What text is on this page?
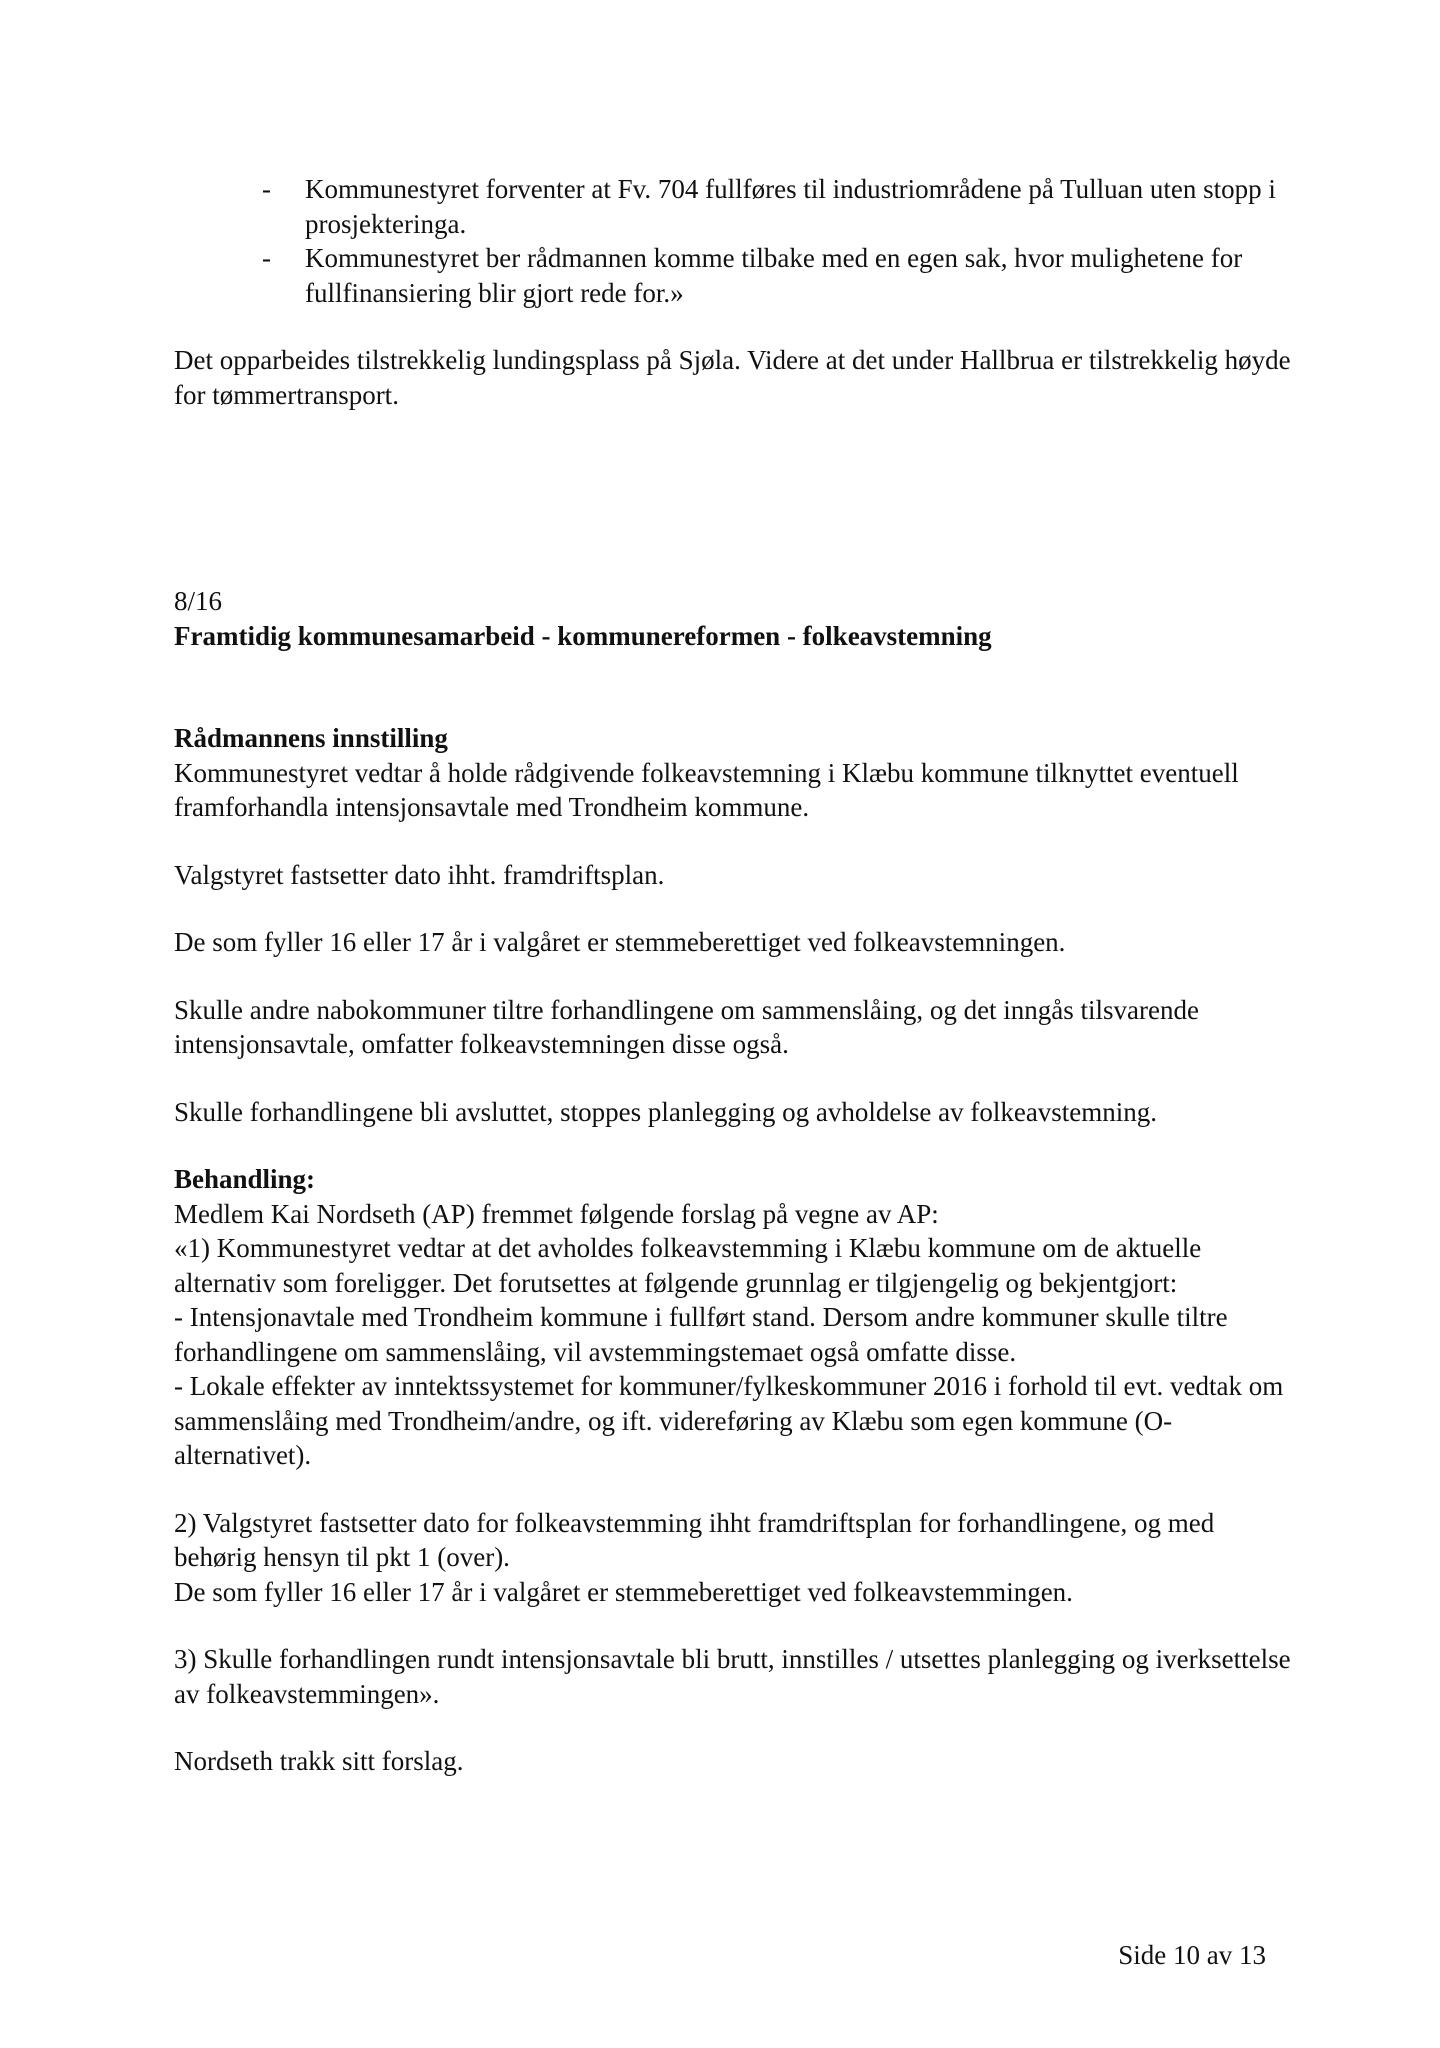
- Kommunestyret forventer at Fv. 704 fullføres til industriområdene på Tulluan uten stopp i prosjekteringa.
- Kommunestyret ber rådmannen komme tilbake med en egen sak, hvor mulighetene for fullfinansiering blir gjort rede for.»

Det opparbeides tilstrekkelig lundingsplass på Sjøla. Videre at det under Hallbrua er tilstrekkelig høyde for tømmertransport.

8/16

Framtidig kommunesamarbeid - kommunereformen - folkeavstemning

Rådmannens innstilling

Kommunestyret vedtar å holde rådgivende folkeavstemning i Klæbu kommune tilknyttet eventuell framforhandla intensjonsavtale med Trondheim kommune.

Valgstyret fastsetter dato ihht. framdriftsplan.

De som fyller 16 eller 17 år i valgåret er stemmeberettiget ved folkeavstemningen.

Skulle andre nabokommuner tiltre forhandlingene om sammenslåing, og det inngås tilsvarende intensjonsavtale, omfatter folkeavstemningen disse også.

Skulle forhandlingene bli avsluttet, stoppes planlegging og avholdelse av folkeavstemning.

Behandling:

Medlem Kai Nordseth (AP) fremmet følgende forslag på vegne av AP:

«1) Kommunestyret vedtar at det avholdes folkeavstemming i Klæbu kommune om de aktuelle alternativ som foreligger. Det forutsettes at følgende grunnlag er tilgjengelig og bekjentgjort:

- Intensjonavtale med Trondheim kommune i fullført stand. Dersom andre kommuner skulle tiltre forhandlingene om sammenslåing, vil avstemmingstemaet også omfatte disse.

- Lokale effekter av inntektssystemet for kommuner/fylkeskommuner 2016 i forhold til evt. vedtak om sammenslåing med Trondheim/andre, og ift. videreføring av Klæbu som egen kommune (O-alternativet).

2) Valgstyret fastsetter dato for folkeavstemming ihht framdriftsplan for forhandlingene, og med behørig hensyn til pkt 1 (over).

De som fyller 16 eller 17 år i valgåret er stemmeberettiget ved folkeavstemmingen.

3) Skulle forhandlingen rundt intensjonsavtale bli brutt, innstilles / utsettes planlegging og iverksettelse av folkeavstemmingen».

Nordseth trakk sitt forslag.

Side 10 av 13
